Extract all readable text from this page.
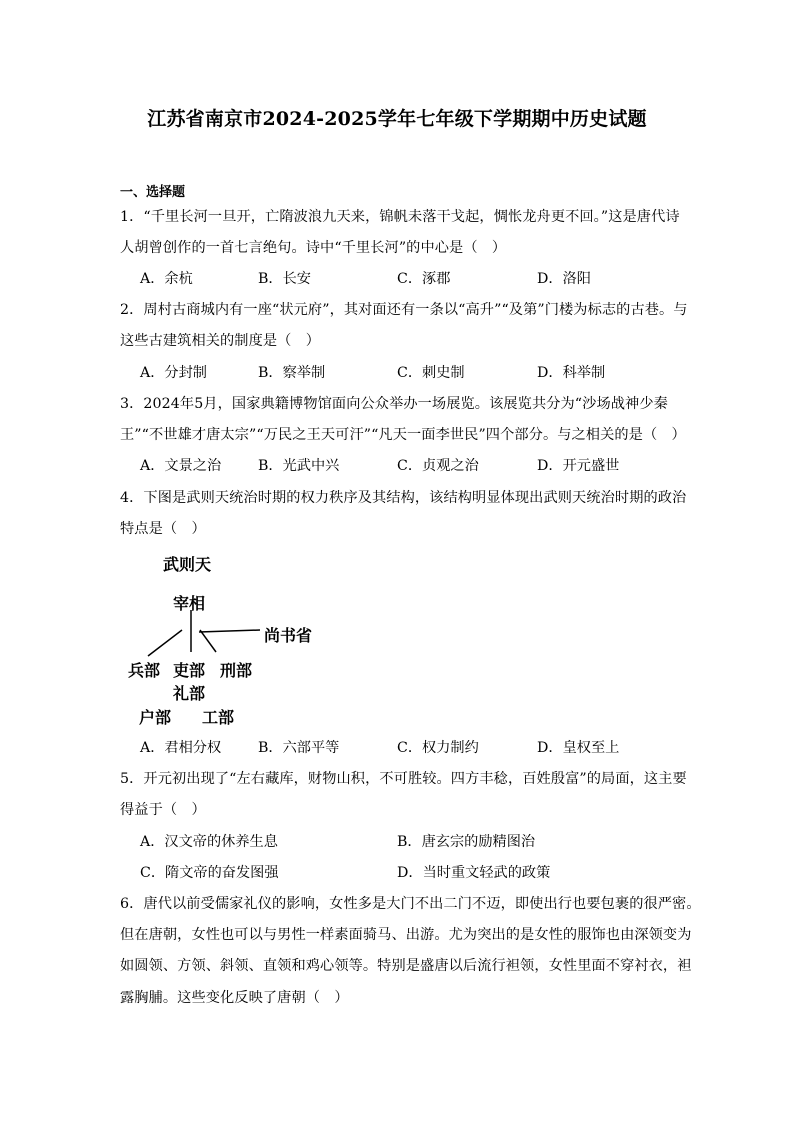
江苏省南京市2024-2025学年七年级下学期期中历史试题
一、选择题
1．“千里长河一旦开，亡隋波浪九天来，锦帆未落干戈起，惆怅龙舟更不回。”这是唐代诗
人胡曾创作的一首七言绝句。诗中“千里长河”的中心是（　）
A．余杭	B．长安	C．涿郡	D．洛阳
2．周村古商城内有一座“状元府”，其对面还有一条以“高升”“及第”门楼为标志的古巷。与
这些古建筑相关的制度是（　）
A．分封制	B．察举制	C．刺史制	D．科举制
3．2024年5月，国家典籍博物馆面向公众举办一场展览。该展览共分为“沙场战神少秦
王”“不世雄才唐太宗”“万民之王天可汗”“凡天一面李世民”四个部分。与之相关的是（　）
A．文景之治	B．光武中兴	C．贞观之治	D．开元盛世
4．下图是武则天统治时期的权力秩序及其结构，该结构明显体现出武则天统治时期的政治
特点是（　）
武则天
宰相
尚书省
兵部 吏部 刑部
礼部
户部 工部
A．君相分权	B．六部平等	C．权力制约	D．皇权至上
5．开元初出现了“左右藏库，财物山积，不可胜较。四方丰稔，百姓殷富”的局面，这主要
得益于（　）
A．汉文帝的休养生息	B．唐玄宗的励精图治
C．隋文帝的奋发图强	D．当时重文轻武的政策
6．唐代以前受儒家礼仪的影响，女性多是大门不出二门不迈，即使出行也要包裹的很严密。
但在唐朝，女性也可以与男性一样素面骑马、出游。尤为突出的是女性的服饰也由深领变为
如圆领、方领、斜领、直领和鸡心领等。特别是盛唐以后流行袒领，女性里面不穿衬衣，袒
露胸脯。这些变化反映了唐朝（　）
